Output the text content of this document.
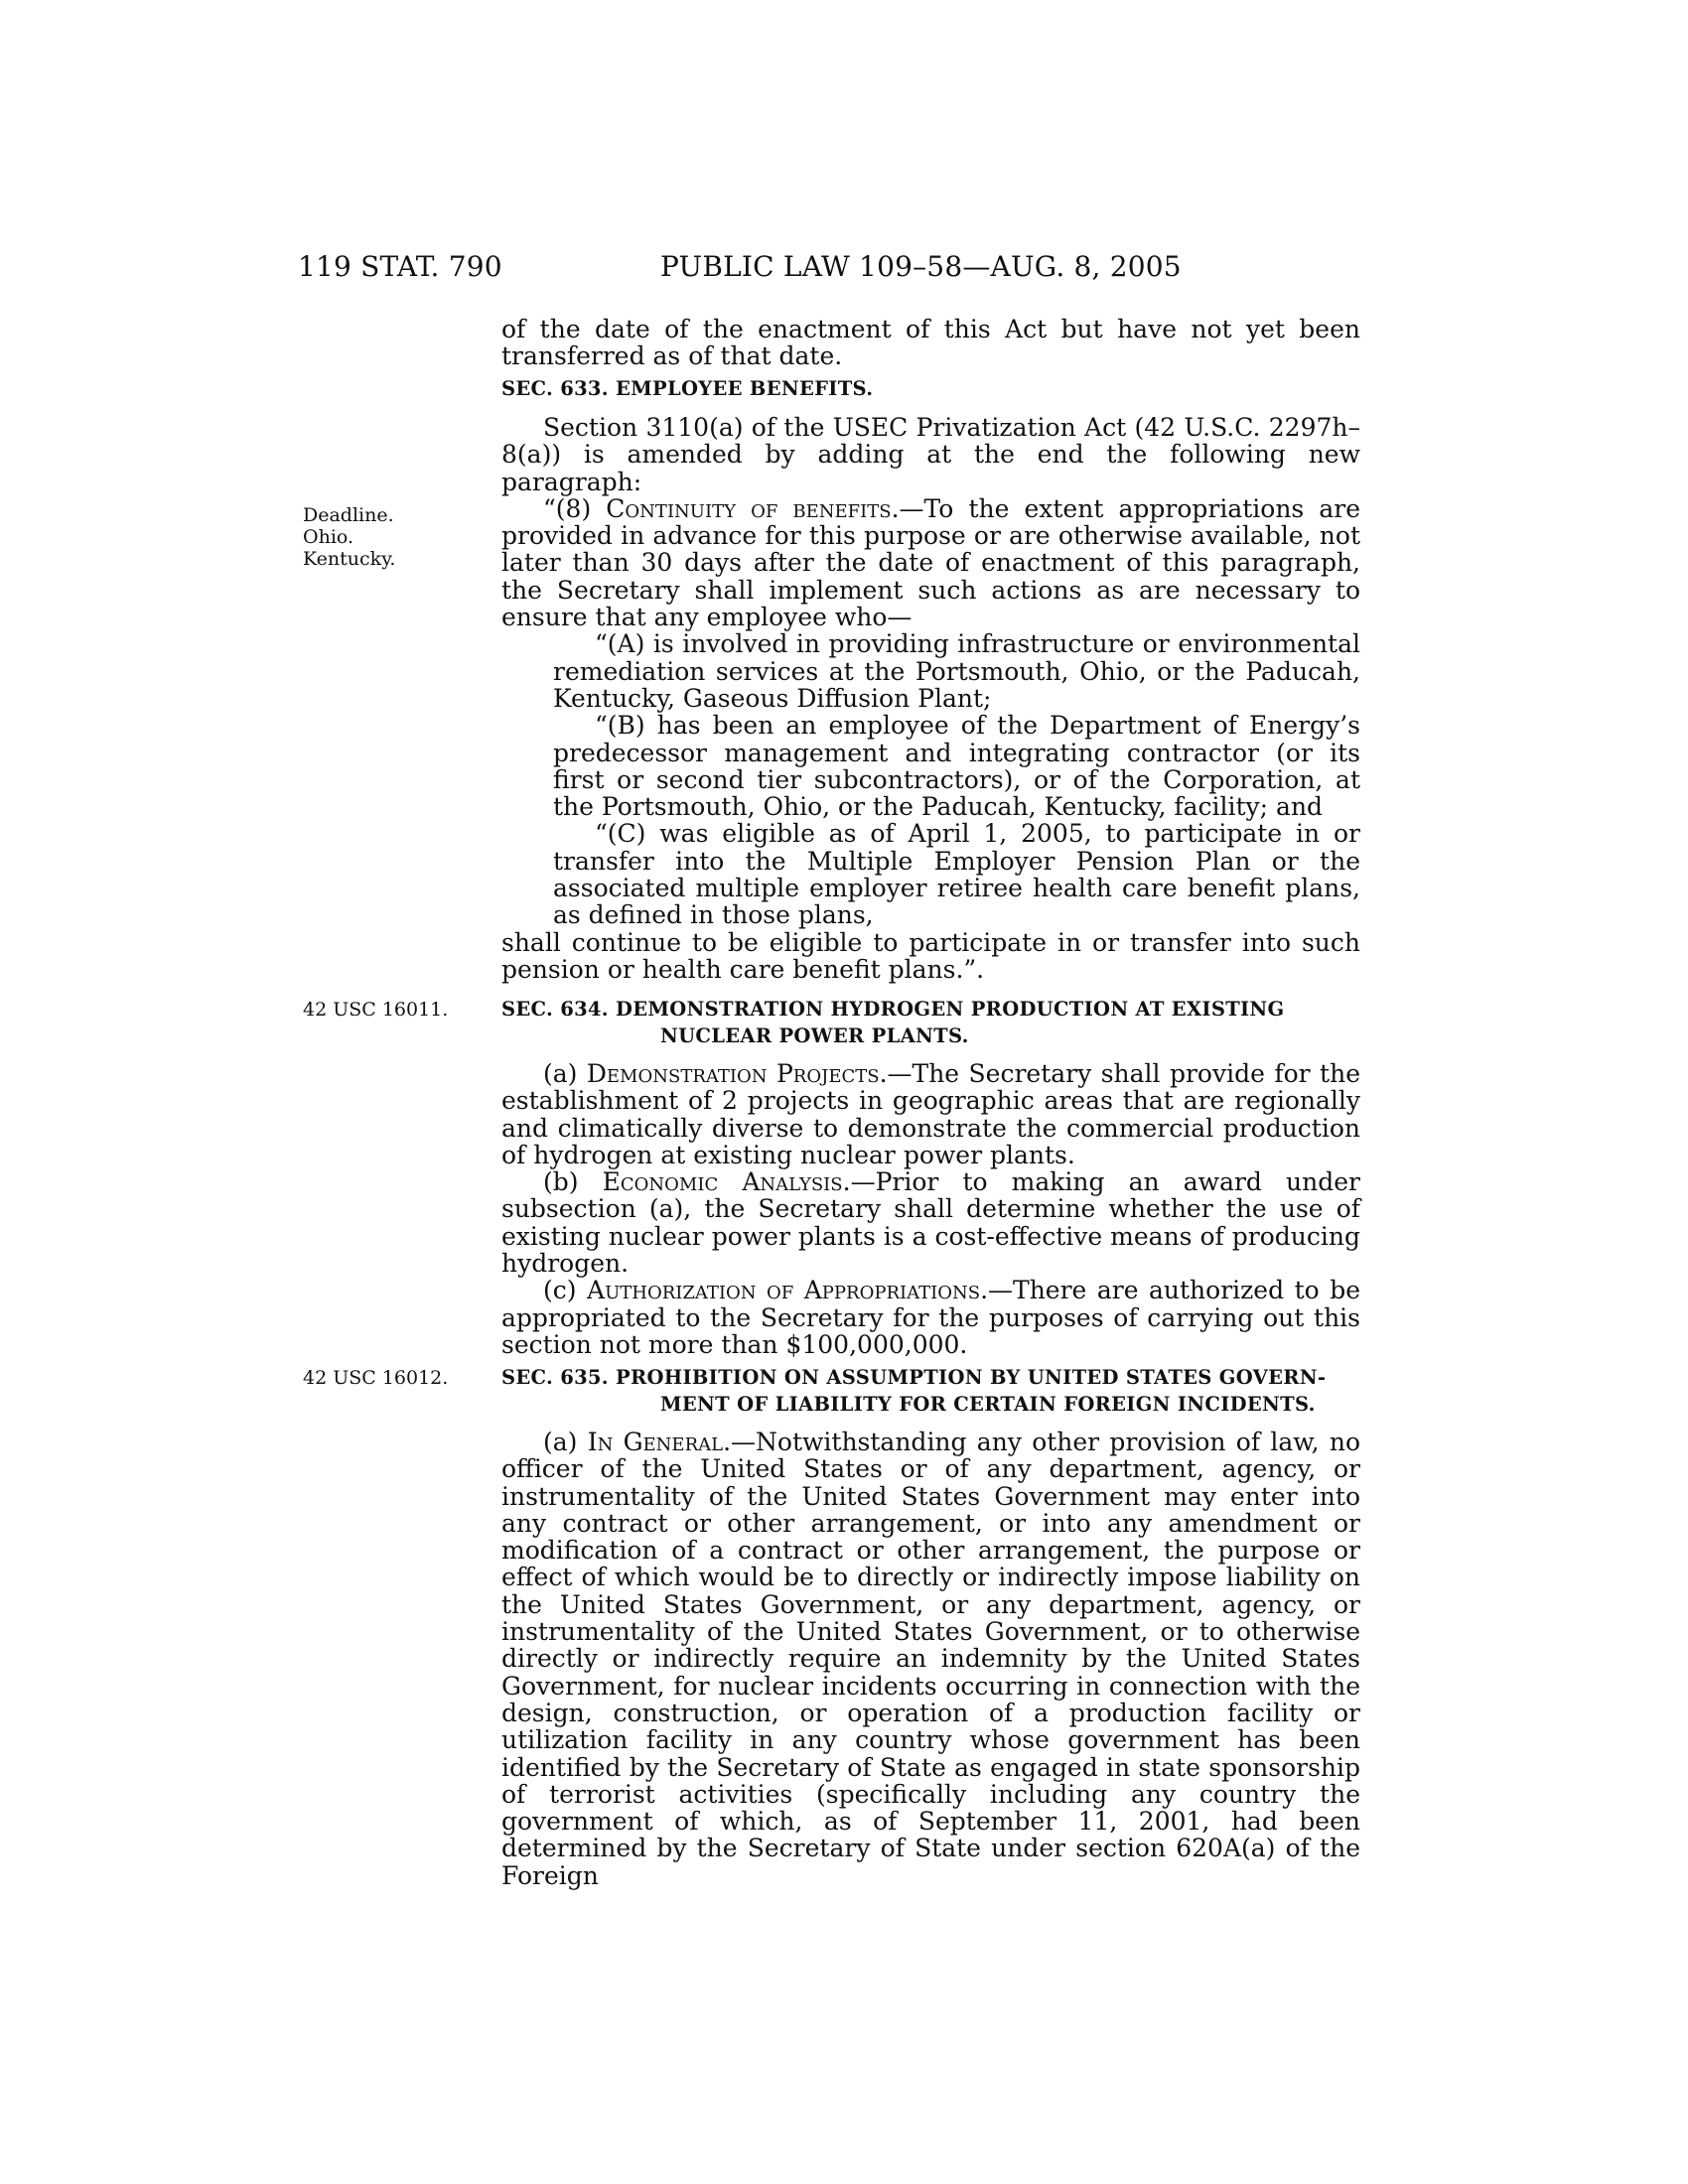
119 STAT. 790	PUBLIC LAW 109–58—AUG. 8, 2005
Deadline.
Ohio.
Kentucky.
42 USC 16011.
42 USC 16012.

of the date of the enactment of this Act but have not yet been transferred as of that date.

SEC. 633. EMPLOYEE BENEFITS.

Section 3110(a) of the USEC Privatization Act (42 U.S.C. 2297h–8(a)) is amended by adding at the end the following new paragraph:

“(8) Continuity of benefits.—To the extent appropriations are provided in advance for this purpose or are otherwise available, not later than 30 days after the date of enactment of this paragraph, the Secretary shall implement such actions as are necessary to ensure that any employee who—

“(A) is involved in providing infrastructure or environmental remediation services at the Portsmouth, Ohio, or the Paducah, Kentucky, Gaseous Diffusion Plant;

“(B) has been an employee of the Department of Energy’s predecessor management and integrating contractor (or its first or second tier subcontractors), or of the Corporation, at the Portsmouth, Ohio, or the Paducah, Kentucky, facility; and

“(C) was eligible as of April 1, 2005, to participate in or transfer into the Multiple Employer Pension Plan or the associated multiple employer retiree health care benefit plans, as defined in those plans,

shall continue to be eligible to participate in or transfer into such pension or health care benefit plans.”.

SEC. 634. DEMONSTRATION HYDROGEN PRODUCTION AT EXISTING
NUCLEAR POWER PLANTS.

(a) Demonstration Projects.—The Secretary shall provide for the establishment of 2 projects in geographic areas that are regionally and climatically diverse to demonstrate the commercial production of hydrogen at existing nuclear power plants.

(b) Economic Analysis.—Prior to making an award under subsection (a), the Secretary shall determine whether the use of existing nuclear power plants is a cost-effective means of producing hydrogen.

(c) Authorization of Appropriations.—There are authorized to be appropriated to the Secretary for the purposes of carrying out this section not more than $100,000,000.

SEC. 635. PROHIBITION ON ASSUMPTION BY UNITED STATES GOVERN-
MENT OF LIABILITY FOR CERTAIN FOREIGN INCIDENTS.

(a) In General.—Notwithstanding any other provision of law, no officer of the United States or of any department, agency, or instrumentality of the United States Government may enter into any contract or other arrangement, or into any amendment or modification of a contract or other arrangement, the purpose or effect of which would be to directly or indirectly impose liability on the United States Government, or any department, agency, or instrumentality of the United States Government, or to otherwise directly or indirectly require an indemnity by the United States Government, for nuclear incidents occurring in connection with the design, construction, or operation of a production facility or utilization facility in any country whose government has been identified by the Secretary of State as engaged in state sponsorship of terrorist activities (specifically including any country the government of which, as of September 11, 2001, had been determined by the Secretary of State under section 620A(a) of the Foreign
